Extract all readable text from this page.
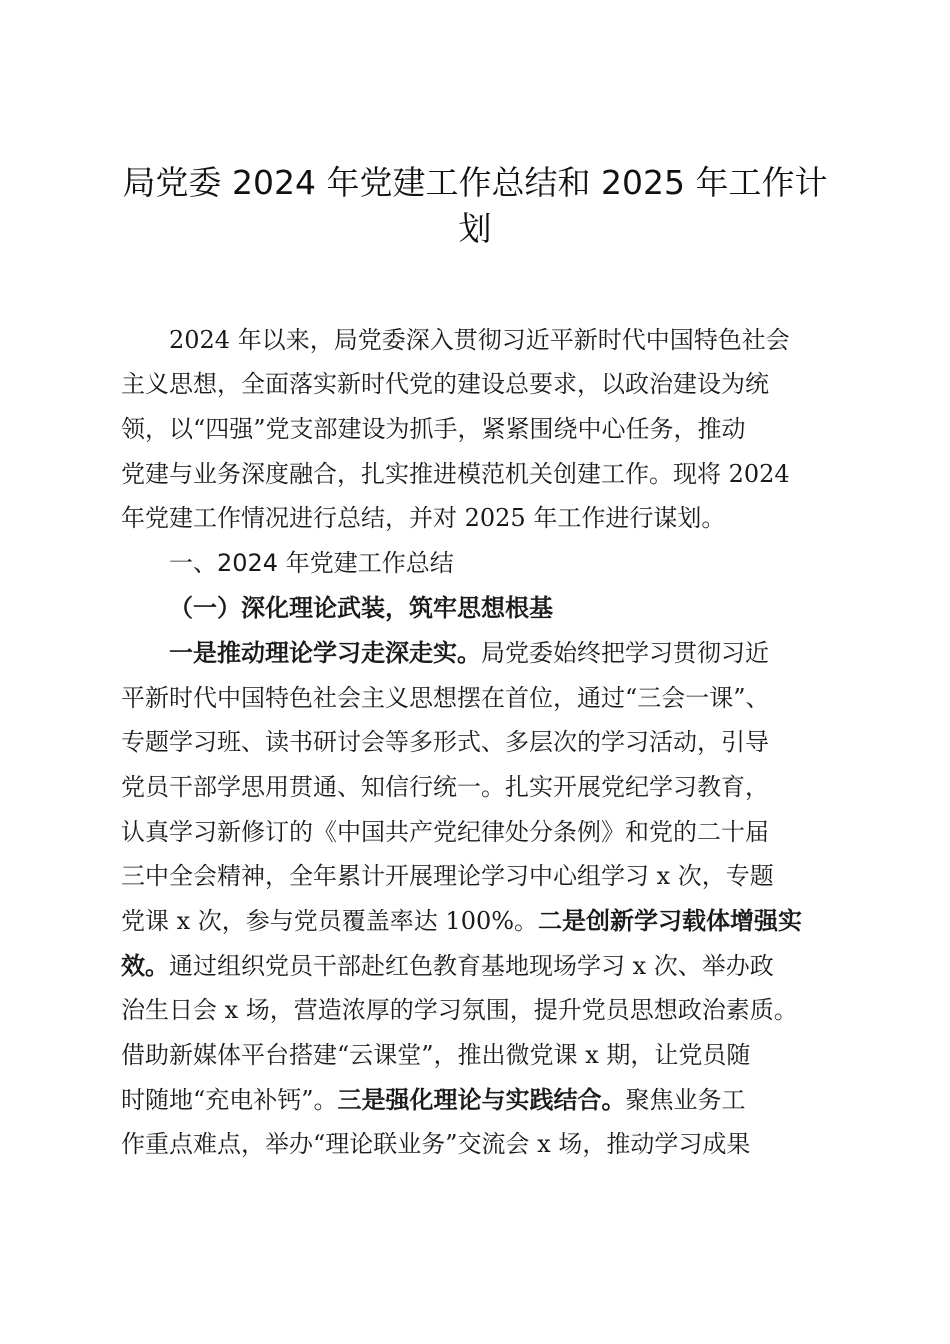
局党委 2024 年党建工作总结和 2025 年工作计
划
2024 年以来，局党委深入贯彻习近平新时代中国特色社会
主义思想，全面落实新时代党的建设总要求，以政治建设为统
领，以“四强”党支部建设为抓手，紧紧围绕中心任务，推动
党建与业务深度融合，扎实推进模范机关创建工作。现将 2024
年党建工作情况进行总结，并对 2025 年工作进行谋划。
一、2024 年党建工作总结
（一）深化理论武装，筑牢思想根基
一是推动理论学习走深走实。局党委始终把学习贯彻习近
平新时代中国特色社会主义思想摆在首位，通过“三会一课”、
专题学习班、读书研讨会等多形式、多层次的学习活动，引导
党员干部学思用贯通、知信行统一。扎实开展党纪学习教育，
认真学习新修订的《中国共产党纪律处分条例》和党的二十届
三中全会精神，全年累计开展理论学习中心组学习 x 次，专题
党课 x 次，参与党员覆盖率达 100%。二是创新学习载体增强实
效。通过组织党员干部赴红色教育基地现场学习 x 次、举办政
治生日会 x 场，营造浓厚的学习氛围，提升党员思想政治素质。
借助新媒体平台搭建“云课堂”，推出微党课 x 期，让党员随
时随地“充电补钙”。三是强化理论与实践结合。聚焦业务工
作重点难点，举办“理论联业务”交流会 x 场，推动学习成果
